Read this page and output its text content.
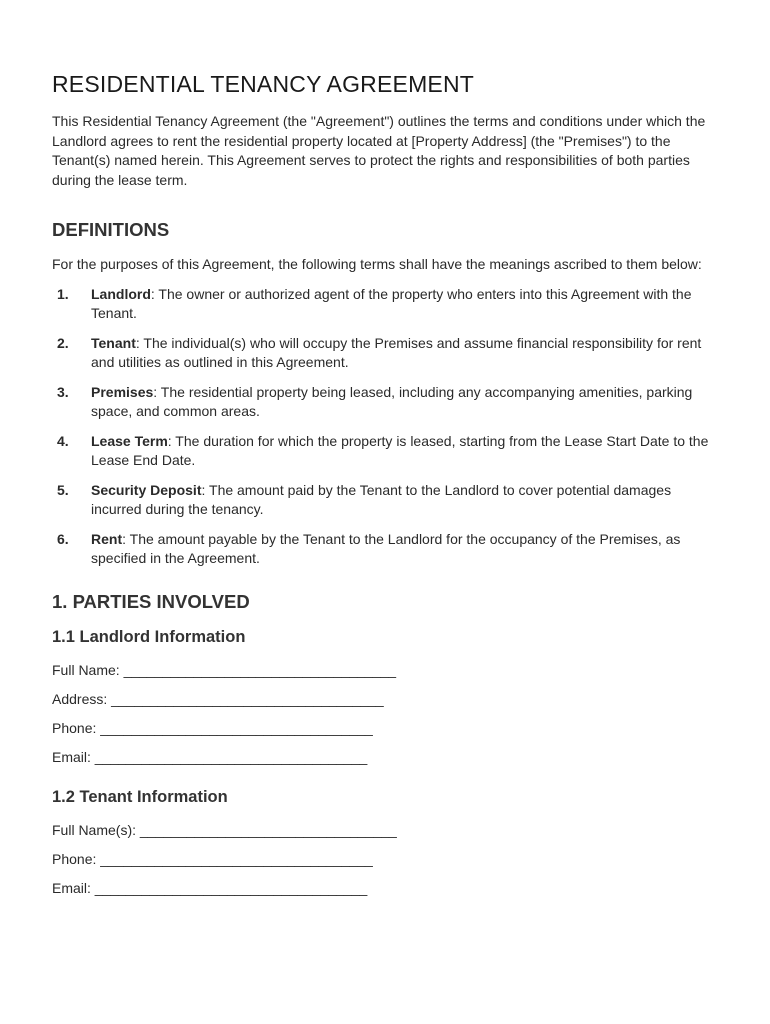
RESIDENTIAL TENANCY AGREEMENT

This Residential Tenancy Agreement (the "Agreement") outlines the terms and conditions under which the Landlord agrees to rent the residential property located at [Property Address] (the "Premises") to the Tenant(s) named herein. This Agreement serves to protect the rights and responsibilities of both parties during the lease term.

DEFINITIONS

For the purposes of this Agreement, the following terms shall have the meanings ascribed to them below:

1. Landlord: The owner or authorized agent of the property who enters into this Agreement with the Tenant.
2. Tenant: The individual(s) who will occupy the Premises and assume financial responsibility for rent and utilities as outlined in this Agreement.
3. Premises: The residential property being leased, including any accompanying amenities, parking space, and common areas.
4. Lease Term: The duration for which the property is leased, starting from the Lease Start Date to the Lease End Date.
5. Security Deposit: The amount paid by the Tenant to the Landlord to cover potential damages incurred during the tenancy.
6. Rent: The amount payable by the Tenant to the Landlord for the occupancy of the Premises, as specified in the Agreement.
1. PARTIES INVOLVED
1.1 Landlord Information
Full Name: ___________________________________
Address: ___________________________________
Phone: ___________________________________
Email: ___________________________________
1.2 Tenant Information
Full Name(s): _________________________________
Phone: ___________________________________
Email: ___________________________________
